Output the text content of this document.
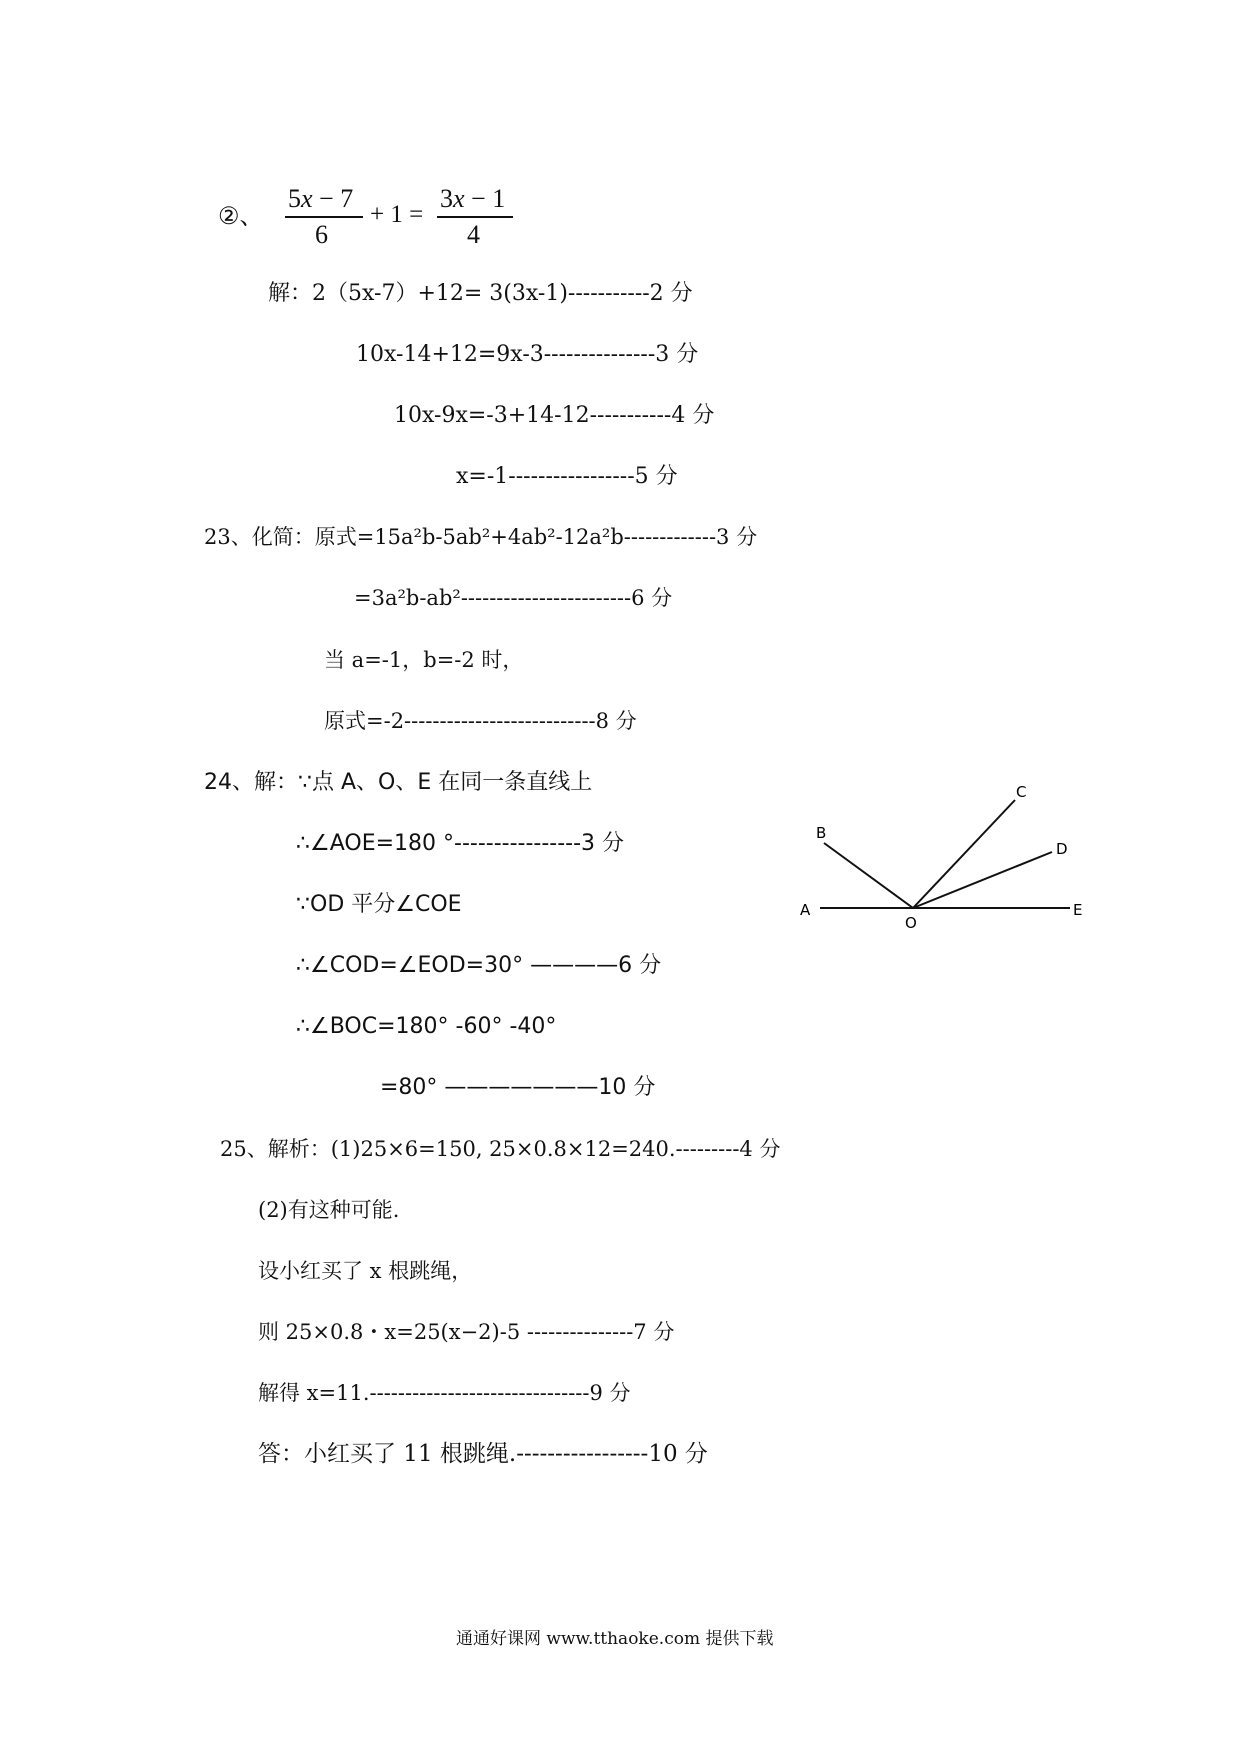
②、
5x − 7
6
+ 1 =
3x − 1
4
解：2（5x-7）+12= 3(3x-1)-----------2 分
10x-14+12=9x-3---------------3 分
10x-9x=-3+14-12-----------4 分
x=-1-----------------5 分
23、化简：原式=15a²b-5ab²+4ab²-12a²b-------------3 分
=3a²b-ab²------------------------6 分
当 a=-1，b=-2 时，
原式=-2---------------------------8 分
24、解：∵点 A、O、E 在同一条直线上
∴∠AOE=180 °----------------3 分
∵OD 平分∠COE
∴∠COD=∠EOD=30° ————6 分
∴∠BOC=180° -60° -40°
=80° ———————10 分
A
B
C
D
O
E
25、解析：(1)25×6=150, 25×0.8×12=240.---------4 分
(2)有这种可能.
设小红买了 x 根跳绳，
则 25×0.8・x=25(x−2)-5 ---------------7 分
解得 x=11.-------------------------------9 分
答：小红买了 11 根跳绳.-----------------10 分
通通好课网 www.tthaoke.com 提供下载
